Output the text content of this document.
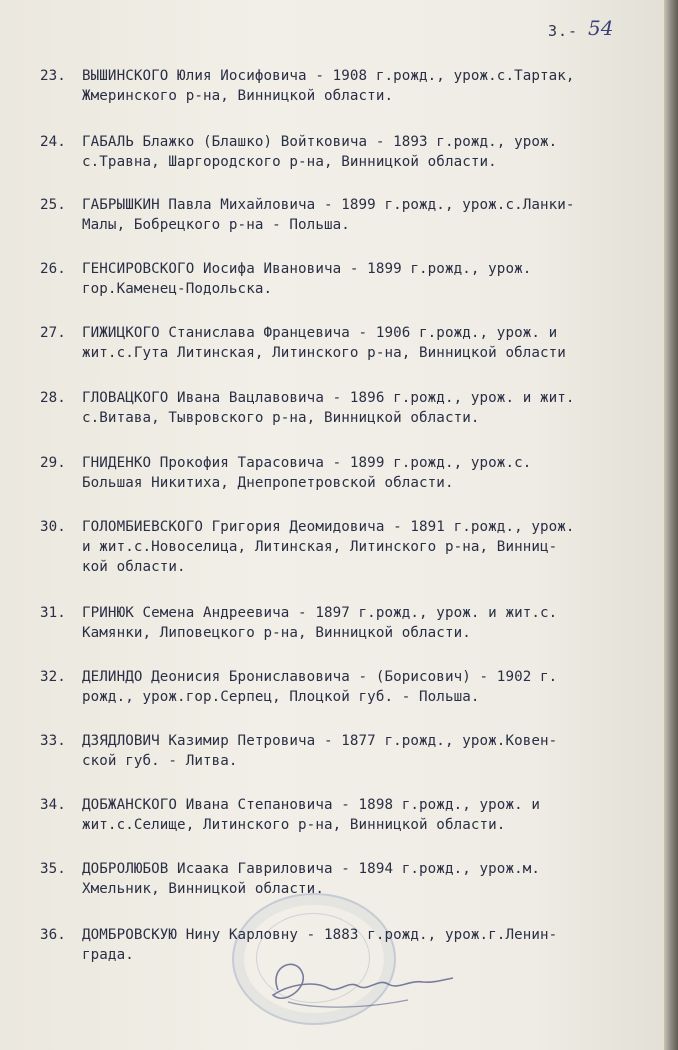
3.- 54
23.	ВЫШИНСКОГО Юлия Иосифовича - 1908 г.рожд., урож.с.Тартак,
Жмеринского р-на, Винницкой области.
24.	ГАБАЛЬ Блажко (Блашко) Войтковича - 1893 г.рожд., урож.
с.Травна, Шаргородского р-на, Винницкой области.
25.	ГАБРЫШКИН Павла Михайловича - 1899 г.рожд., урож.с.Ланки-
Малы, Бобрецкого р-на - Польша.
26.	ГЕНСИРОВСКОГО Иосифа Ивановича - 1899 г.рожд., урож.
гор.Каменец-Подольска.
27.	ГИЖИЦКОГО Станислава Францевича - 1906 г.рожд., урож. и
жит.с.Гута Литинская, Литинского р-на, Винницкой области
28.	ГЛОВАЦКОГО Ивана Вацлавовича - 1896 г.рожд., урож. и жит.
с.Витава, Тывровского р-на, Винницкой области.
29.	ГНИДЕНКО Прокофия Тарасовича - 1899 г.рожд., урож.с.
Большая Никитиха, Днепропетровской области.
30.	ГОЛОМБИЕВСКОГО Григория Деомидовича - 1891 г.рожд., урож.
и жит.с.Новоселица, Литинская, Литинского р-на, Винниц-
кой области.
31.	ГРИНЮК Семена Андреевича - 1897 г.рожд., урож. и жит.с.
Камянки, Липовецкого р-на, Винницкой области.
32.	ДЕЛИНДО Деонисия Брониславовича - (Борисович) - 1902 г.
рожд., урож.гор.Серпец, Плоцкой губ. - Польша.
33.	ДЗЯДЛОВИЧ Казимир Петровича - 1877 г.рожд., урож.Ковен-
ской губ. - Литва.
34.	ДОБЖАНСКОГО Ивана Степановича - 1898 г.рожд., урож. и
жит.с.Селище, Литинского р-на, Винницкой области.
35.	ДОБРОЛЮБОВ Исаака Гавриловича - 1894 г.рожд., урож.м.
Хмельник, Винницкой области.
36.	ДОМБРОВСКУЮ Нину Карловну - 1883 г.рожд., урож.г.Ленин-
града.
